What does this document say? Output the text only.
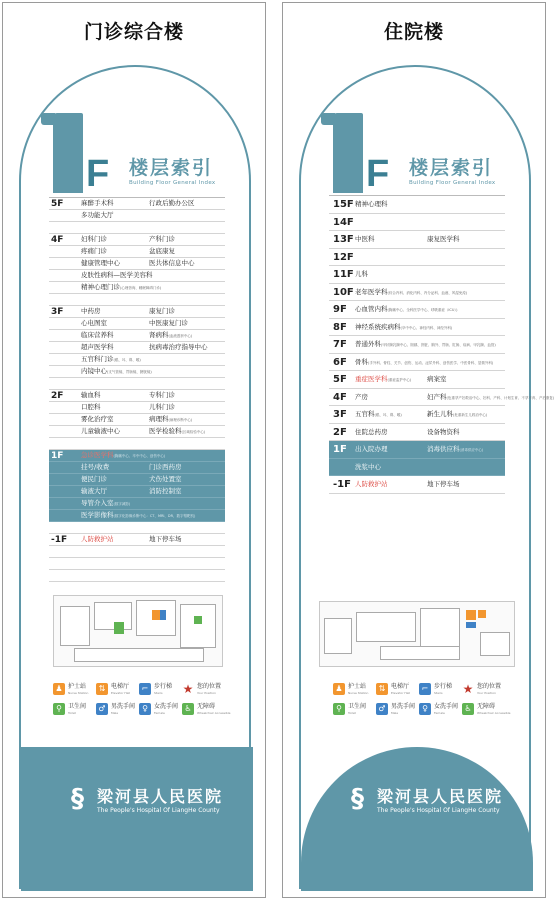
门诊综合楼
F 楼层索引
Building Floor General Index
5F	麻醉手术科	行政后勤办公区
多功能大厅
4F	妇科门诊	产科门诊
疼痛门诊	盆底康复
健康管理中心	医共体信息中心
皮肤性病科—医学美容科
精神心理门诊(心理咨询、睡眠障碍门诊)
3F	中药房	康复门诊
心电图室	中医康复门诊
临床营养科	肾病科(血液透析中心)
超声医学科	抗病毒治疗指导中心
五官科门诊(眼、耳、鼻、喉)
内镜中心(支气管镜、胃肠镜、膀胱镜)
2F	输血科	专科门诊
口腔科	儿科门诊
雾化治疗室	病理科(病理诊断中心)
儿童输液中心	医学检验科(区域检验中心)
1F	急诊医学科(胸痛中心、卒中中心、创伤中心)
挂号/收费	门诊西药房
便民门诊	犬伤处置室
输液大厅	消防控制室
导管介入室(数字减影)
医学影像科(数字化影像诊断中心：CT、MRI、DR、数字钼靶机)
-1F 人防救护站	地下停车场
♟ 护士站
Nurse Station	⇅ 电梯厅
Elevator Hall	⌐ 步行梯
Stairs ★ 您的位置
Your Position
⚲	卫生间
Toilet	♂ 男洗手间
Male	♀	女洗手间
Female	♿ 无障碍
Wheelchair Accessible
§ 梁河县人民医院
The People's Hospital Of LiangHe County
住院楼
F 楼层索引
Building Floor General Index
15F 精神心理科
14F
13F 中医科	康复医学科
12F
11F 儿科
10F 老年医学科(综合内科、消化内科、内分泌科、血液、风湿免疫)
9F 心血管内科(胸痛中心、全科医学中心、呼吸重症（ICU）)
8F 神经系统疾病科(卒中中心、神经内科、神经外科)
7F 普通外科(甲状腺乳腺中心、胆胰、肝脏、胸外、胃肠、肛肠、疝病、甲乳腺、血管)
6F 骨科(手外科、脊柱、关节、创伤、运动、泌尿外科、创伤医学、中医骨科、显微外科)
5F 重症医学科(重症监护中心) 病案室
4F 产房	妇产科(危重孕产妇救治中心、妇科、产科、计划生育、不孕不育、产后康复)
3F 五官科(眼、耳、鼻、喉)	新生儿科(危重新生儿救治中心)
2F 住院总药房	设备物资科
1F 出入院办理	消毒供应科(消毒供应中心)
洗浆中心
-1F 人防救护站	地下停车场
♟ 护士站
Nurse Station	⇅ 电梯厅
Elevator Hall	⌐ 步行梯
Stairs ★ 您的位置
Your Position
⚲	卫生间
Toilet	♂ 男洗手间
Male	♀	女洗手间
Female	♿ 无障碍
Wheelchair Accessible
§ 梁河县人民医院
The People's Hospital Of LiangHe County
